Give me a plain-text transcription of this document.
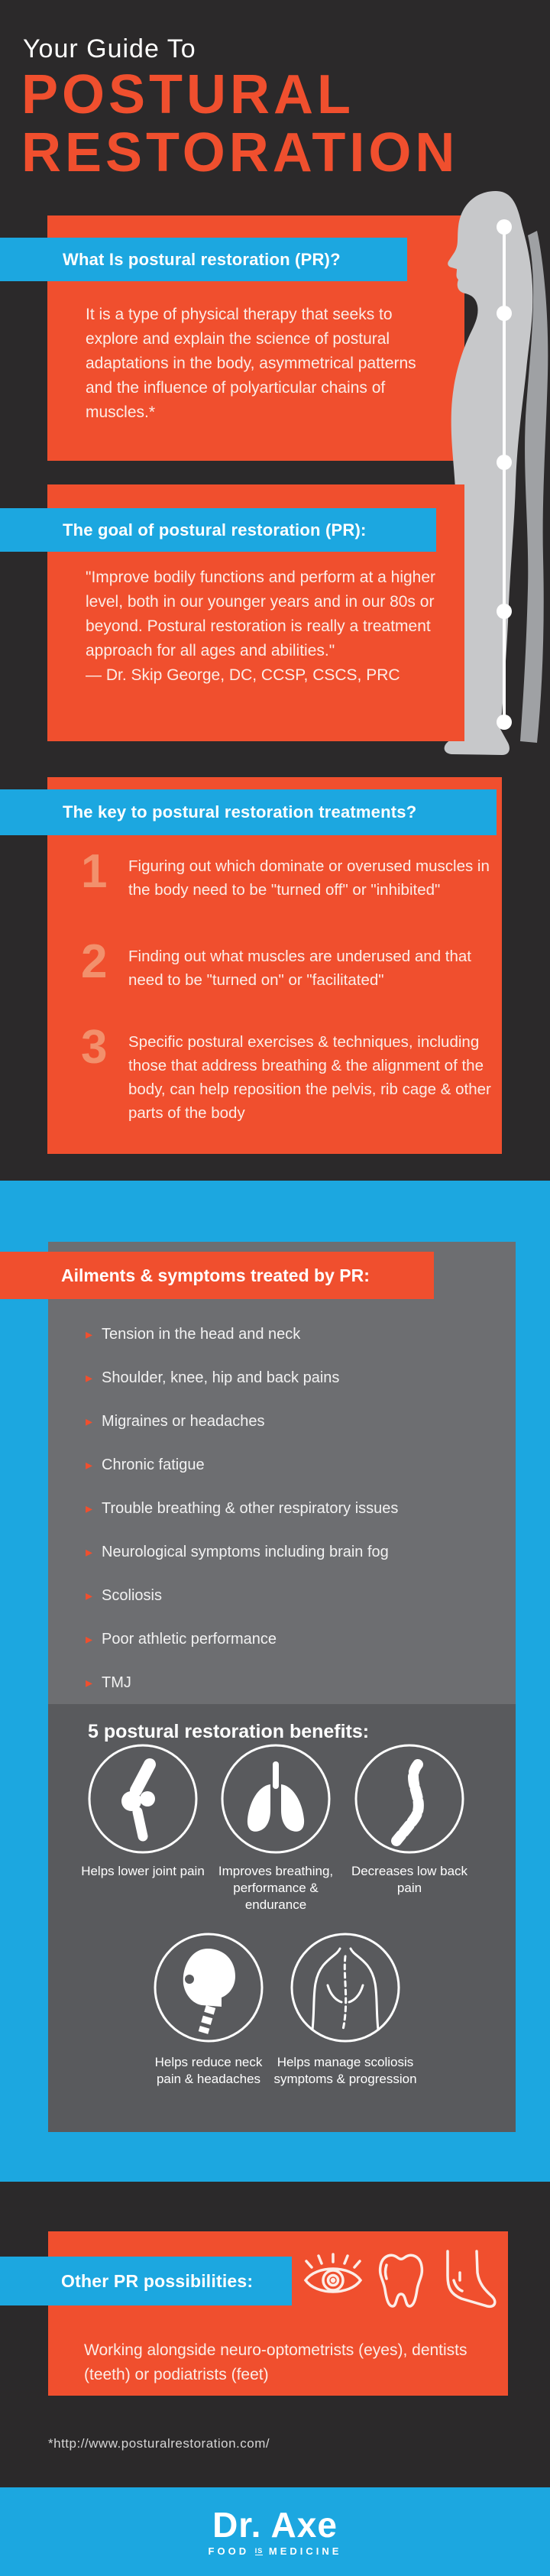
Your Guide To
POSTURAL
RESTORATION
What Is postural restoration (PR)?
It is a type of physical therapy that seeks to explore and explain the science of postural adaptations in the body, asymmetrical patterns and the influence of polyarticular chains of muscles.*
The goal of postural restoration (PR):
"Improve bodily functions and perform at a higher level, both in our younger years and in our 80s or beyond. Postural restoration is really a treatment approach for all ages and abilities."
— Dr. Skip George, DC, CCSP, CSCS, PRC
The key to postural restoration treatments?
1 Figuring out which dominate or overused muscles in the body need to be "turned off" or "inhibited"
2 Finding out what muscles are underused and that need to be "turned on" or "facilitated"
3 Specific postural exercises & techniques, including those that address breathing & the alignment of the body, can help reposition the pelvis, rib cage & other parts of the body
Ailments & symptoms treated by PR:
▸ Tension in the head and neck
▸ Shoulder, knee, hip and back pains
▸ Migraines or headaches
▸ Chronic fatigue
▸ Trouble breathing & other respiratory issues
▸ Neurological symptoms including brain fog
▸ Scoliosis
▸ Poor athletic performance
▸ TMJ
5 postural restoration benefits:
Helps lower joint pain	Improves breathing, performance & endurance
Decreases low back pain
Helps reduce neck pain & headaches
Helps manage scoliosis symptoms & progression
Other PR possibilities:
Working alongside neuro-optometrists (eyes), dentists (teeth) or podiatrists (feet)
*http://www.posturalrestoration.com/
Dr. Axe
FOOD IS MEDICINE
